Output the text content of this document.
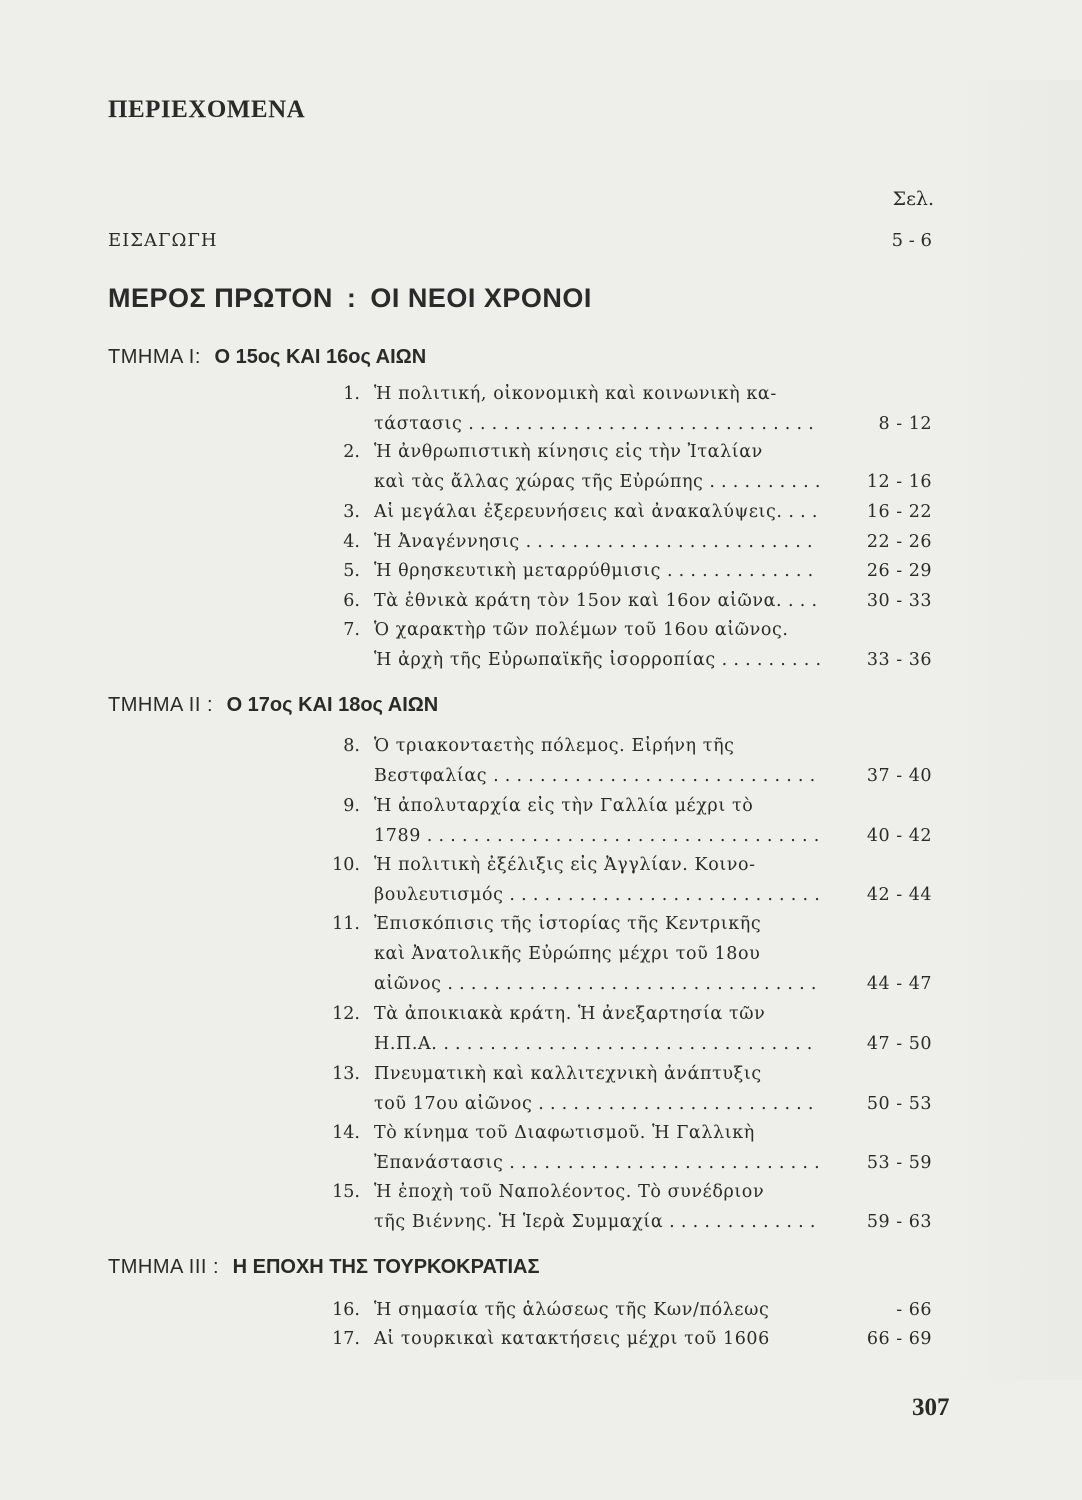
ΠΕΡΙΕΧΟΜΕΝΑ
Σελ.
ΕΙΣΑΓΩΓΗ	5 - 6
ΜΕΡΟΣ ΠΡΩΤΟΝ : ΟΙ ΝΕΟΙ ΧΡΟΝΟΙ
ΤΜΗΜΑ Ι: Ο 15ος ΚΑΙ 16ος ΑΙΩΝ
1. Ἡ πολιτική, οἰκονομικὴ καὶ κοινωνικὴ κα-
τάστασις . . .	8 - 12
2. Ἡ ἀνθρωπιστικὴ κίνησις εἰς τὴν Ἰταλίαν
καὶ τὰς ἄλλας χώρας τῆς Εὐρώπης . . .	12 - 16
3. Αἱ μεγάλαι ἐξερευνήσεις καὶ ἀνακαλύψεις. . . .	16 - 22
4. Ἡ Ἀναγέννησις . . .	22 - 26
5. Ἡ θρησκευτικὴ μεταρρύθμισις . . .	26 - 29
6. Τὰ ἐθνικὰ κράτη τὸν 15ον καὶ 16ον αἰῶνα. . . .	30 - 33
7. Ὁ χαρακτὴρ τῶν πολέμων τοῦ 16ου αἰῶνος.
Ἡ ἀρχὴ τῆς Εὐρωπαϊκῆς ἰσορροπίας . . .	33 - 36
ΤΜΗΜΑ ΙΙ : Ο 17ος ΚΑΙ 18ος ΑΙΩΝ
8. Ὁ τριακονταετὴς πόλεμος. Εἰρήνη τῆς
Βεστφαλίας . . .	37 - 40
9. Ἡ ἀπολυταρχία εἰς τὴν Γαλλία μέχρι τὸ
1789 . . .	40 - 42
10. Ἡ πολιτικὴ ἐξέλιξις εἰς Ἀγγλίαν. Κοινο-
βουλευτισμός . . .	42 - 44
11. Ἐπισκόπισις τῆς ἱστορίας τῆς Κεντρικῆς
καὶ Ἀνατολικῆς Εὐρώπης μέχρι τοῦ 18ου
αἰῶνος . . .	44 - 47
12. Τὰ ἀποικιακὰ κράτη. Ἡ ἀνεξαρτησία τῶν
Η.Π.Α. . . .	47 - 50
13. Πνευματικὴ καὶ καλλιτεχνικὴ ἀνάπτυξις
τοῦ 17ου αἰῶνος . . .	50 - 53
14. Τὸ κίνημα τοῦ Διαφωτισμοῦ. Ἡ Γαλλικὴ
Ἐπανάστασις . . .	53 - 59
15. Ἡ ἐποχὴ τοῦ Ναπολέοντος. Τὸ συνέδριον
τῆς Βιέννης. Ἡ Ἱερὰ Συμμαχία . . .	59 - 63
ΤΜΗΜΑ ΙΙΙ : Η ΕΠΟΧΗ ΤΗΣ ΤΟΥΡΚΟΚΡΑΤΙΑΣ
16. Ἡ σημασία τῆς ἁλώσεως τῆς Κων/πόλεως	- 66
17. Αἱ τουρκικαὶ κατακτήσεις μέχρι τοῦ 1606	66 - 69
307
